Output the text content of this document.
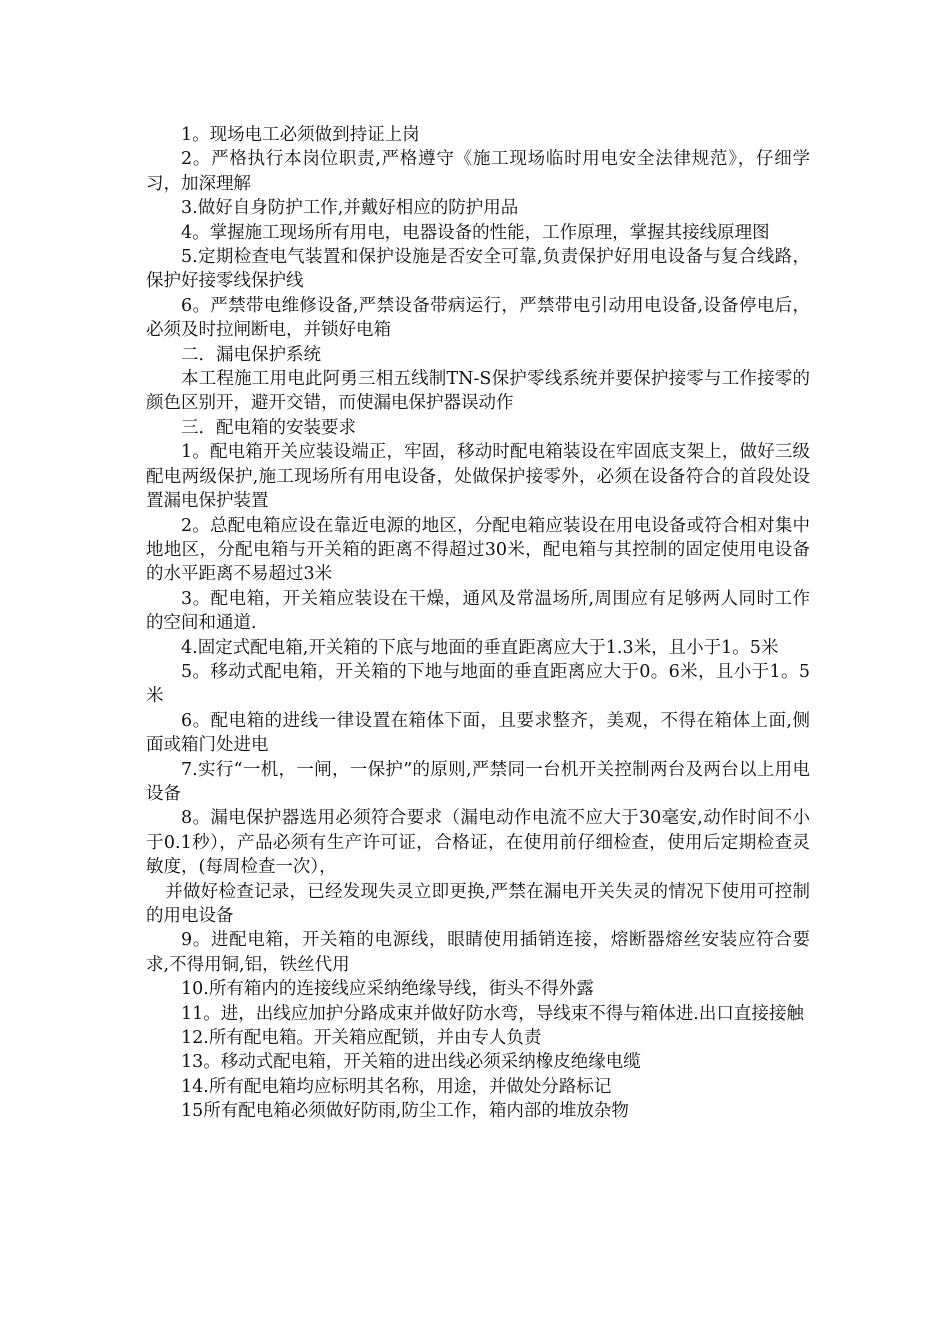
1。现场电工必须做到持证上岗

2。严格执行本岗位职责,严格遵守《施工现场临时用电安全法律规范》，仔细学习，加深理解

3.做好自身防护工作,并戴好相应的防护用品

4。掌握施工现场所有用电，电器设备的性能，工作原理，掌握其接线原理图

5.定期检查电气装置和保护设施是否安全可靠,负责保护好用电设备与复合线路，保护好接零线保护线

6。严禁带电维修设备,严禁设备带病运行，严禁带电引动用电设备,设备停电后，必须及时拉闸断电，并锁好电箱

二．漏电保护系统

本工程施工用电此阿勇三相五线制TN-S保护零线系统并要保护接零与工作接零的颜色区别开，避开交错，而使漏电保护器误动作

三．配电箱的安装要求

1。配电箱开关应装设端正，牢固，移动时配电箱装设在牢固底支架上，做好三级配电两级保护,施工现场所有用电设备，处做保护接零外，必须在设备符合的首段处设置漏电保护装置

2。总配电箱应设在靠近电源的地区，分配电箱应装设在用电设备或符合相对集中地地区，分配电箱与开关箱的距离不得超过30米，配电箱与其控制的固定使用电设备的水平距离不易超过3米

3。配电箱，开关箱应装设在干燥，通风及常温场所,周围应有足够两人同时工作的空间和通道.

4.固定式配电箱,开关箱的下底与地面的垂直距离应大于1.3米，且小于1。5米

5。移动式配电箱，开关箱的下地与地面的垂直距离应大于0。6米，且小于1。5米

6。配电箱的进线一律设置在箱体下面，且要求整齐，美观，不得在箱体上面,侧面或箱门处进电

7.实行“一机，一闸，一保护”的原则,严禁同一台机开关控制两台及两台以上用电设备

8。漏电保护器选用必须符合要求（漏电动作电流不应大于30毫安,动作时间不小于0.1秒），产品必须有生产许可证，合格证，在使用前仔细检查，使用后定期检查灵敏度，(每周检查一次），

并做好检查记录，已经发现失灵立即更换,严禁在漏电开关失灵的情况下使用可控制的用电设备

9。进配电箱，开关箱的电源线，眼睛使用插销连接，熔断器熔丝安装应符合要求,不得用铜,铝，铁丝代用

10.所有箱内的连接线应采纳绝缘导线，街头不得外露

11。进，出线应加护分路成束并做好防水弯，导线束不得与箱体进.出口直接接触

12.所有配电箱。开关箱应配锁，并由专人负责

13。移动式配电箱，开关箱的进出线必须采纳橡皮绝缘电缆

14.所有配电箱均应标明其名称，用途，并做处分路标记

15所有配电箱必须做好防雨,防尘工作，箱内部的堆放杂物
